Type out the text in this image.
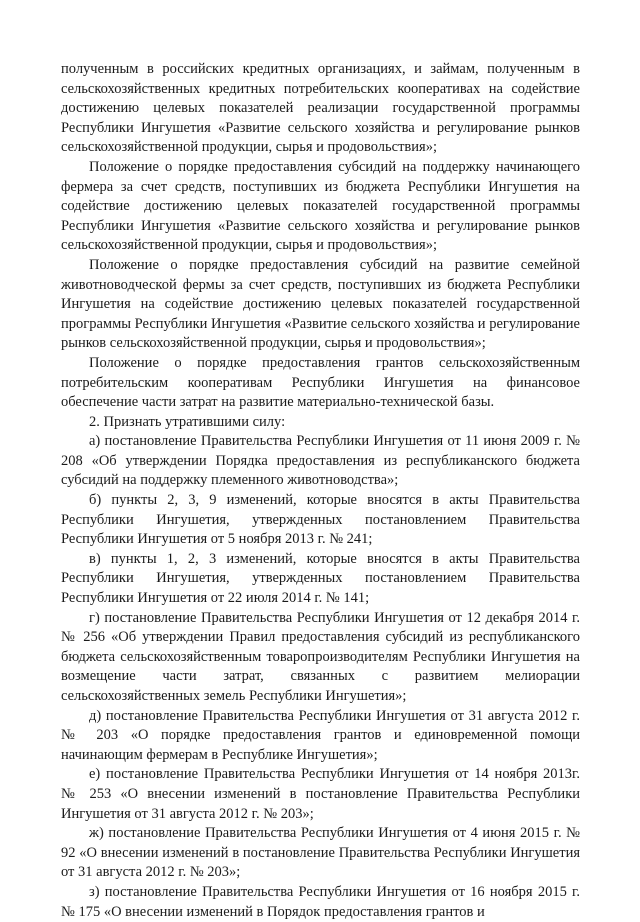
полученным в российских кредитных организациях, и займам, полученным в сельскохозяйственных кредитных потребительских кооперативах на содействие достижению целевых показателей реализации государственной программы Республики Ингушетия «Развитие сельского хозяйства и регулирование рынков сельскохозяйственной продукции, сырья и продовольствия»;

Положение о порядке предоставления субсидий на поддержку начинающего фермера за счет средств, поступивших из бюджета Республики Ингушетия на содействие достижению целевых показателей государственной программы Республики Ингушетия «Развитие сельского хозяйства и регулирование рынков сельскохозяйственной продукции, сырья и продовольствия»;

Положение о порядке предоставления субсидий на развитие семейной животноводческой фермы за счет средств, поступивших из бюджета Республики Ингушетия на содействие достижению целевых показателей государственной программы Республики Ингушетия «Развитие сельского хозяйства и регулирование рынков сельскохозяйственной продукции, сырья и продовольствия»;

Положение о порядке предоставления грантов сельскохозяйственным потребительским кооперативам Республики Ингушетия на финансовое обеспечение части затрат на развитие материально-технической базы.

2. Признать утратившими силу:

а) постановление Правительства Республики Ингушетия от 11 июня 2009 г. № 208 «Об утверждении Порядка предоставления из республиканского бюджета субсидий на поддержку племенного животноводства»;

б) пункты 2, 3, 9 изменений, которые вносятся в акты Правительства Республики Ингушетия, утвержденных постановлением Правительства Республики Ингушетия от 5 ноября 2013 г. № 241;

в) пункты 1, 2, 3 изменений, которые вносятся в акты Правительства Республики Ингушетия, утвержденных постановлением Правительства Республики Ингушетия от 22 июля 2014 г. № 141;

г) постановление Правительства Республики Ингушетия от 12 декабря 2014 г. № 256 «Об утверждении Правил предоставления субсидий из республиканского бюджета сельскохозяйственным товаропроизводителям Республики Ингушетия на возмещение части затрат, связанных с развитием мелиорации сельскохозяйственных земель Республики Ингушетия»;

д) постановление Правительства Республики Ингушетия от 31 августа 2012 г. № 203 «О порядке предоставления грантов и единовременной помощи начинающим фермерам в Республике Ингушетия»;

е) постановление Правительства Республики Ингушетия от 14 ноября 2013г. № 253 «О внесении изменений в постановление Правительства Республики Ингушетия от 31 августа 2012 г. № 203»;

ж) постановление Правительства Республики Ингушетия от 4 июня 2015 г. № 92 «О внесении изменений в постановление Правительства Республики Ингушетия от 31 августа 2012 г. № 203»;

з) постановление Правительства Республики Ингушетия от 16 ноября 2015 г. № 175 «О внесении изменений в Порядок предоставления грантов и
